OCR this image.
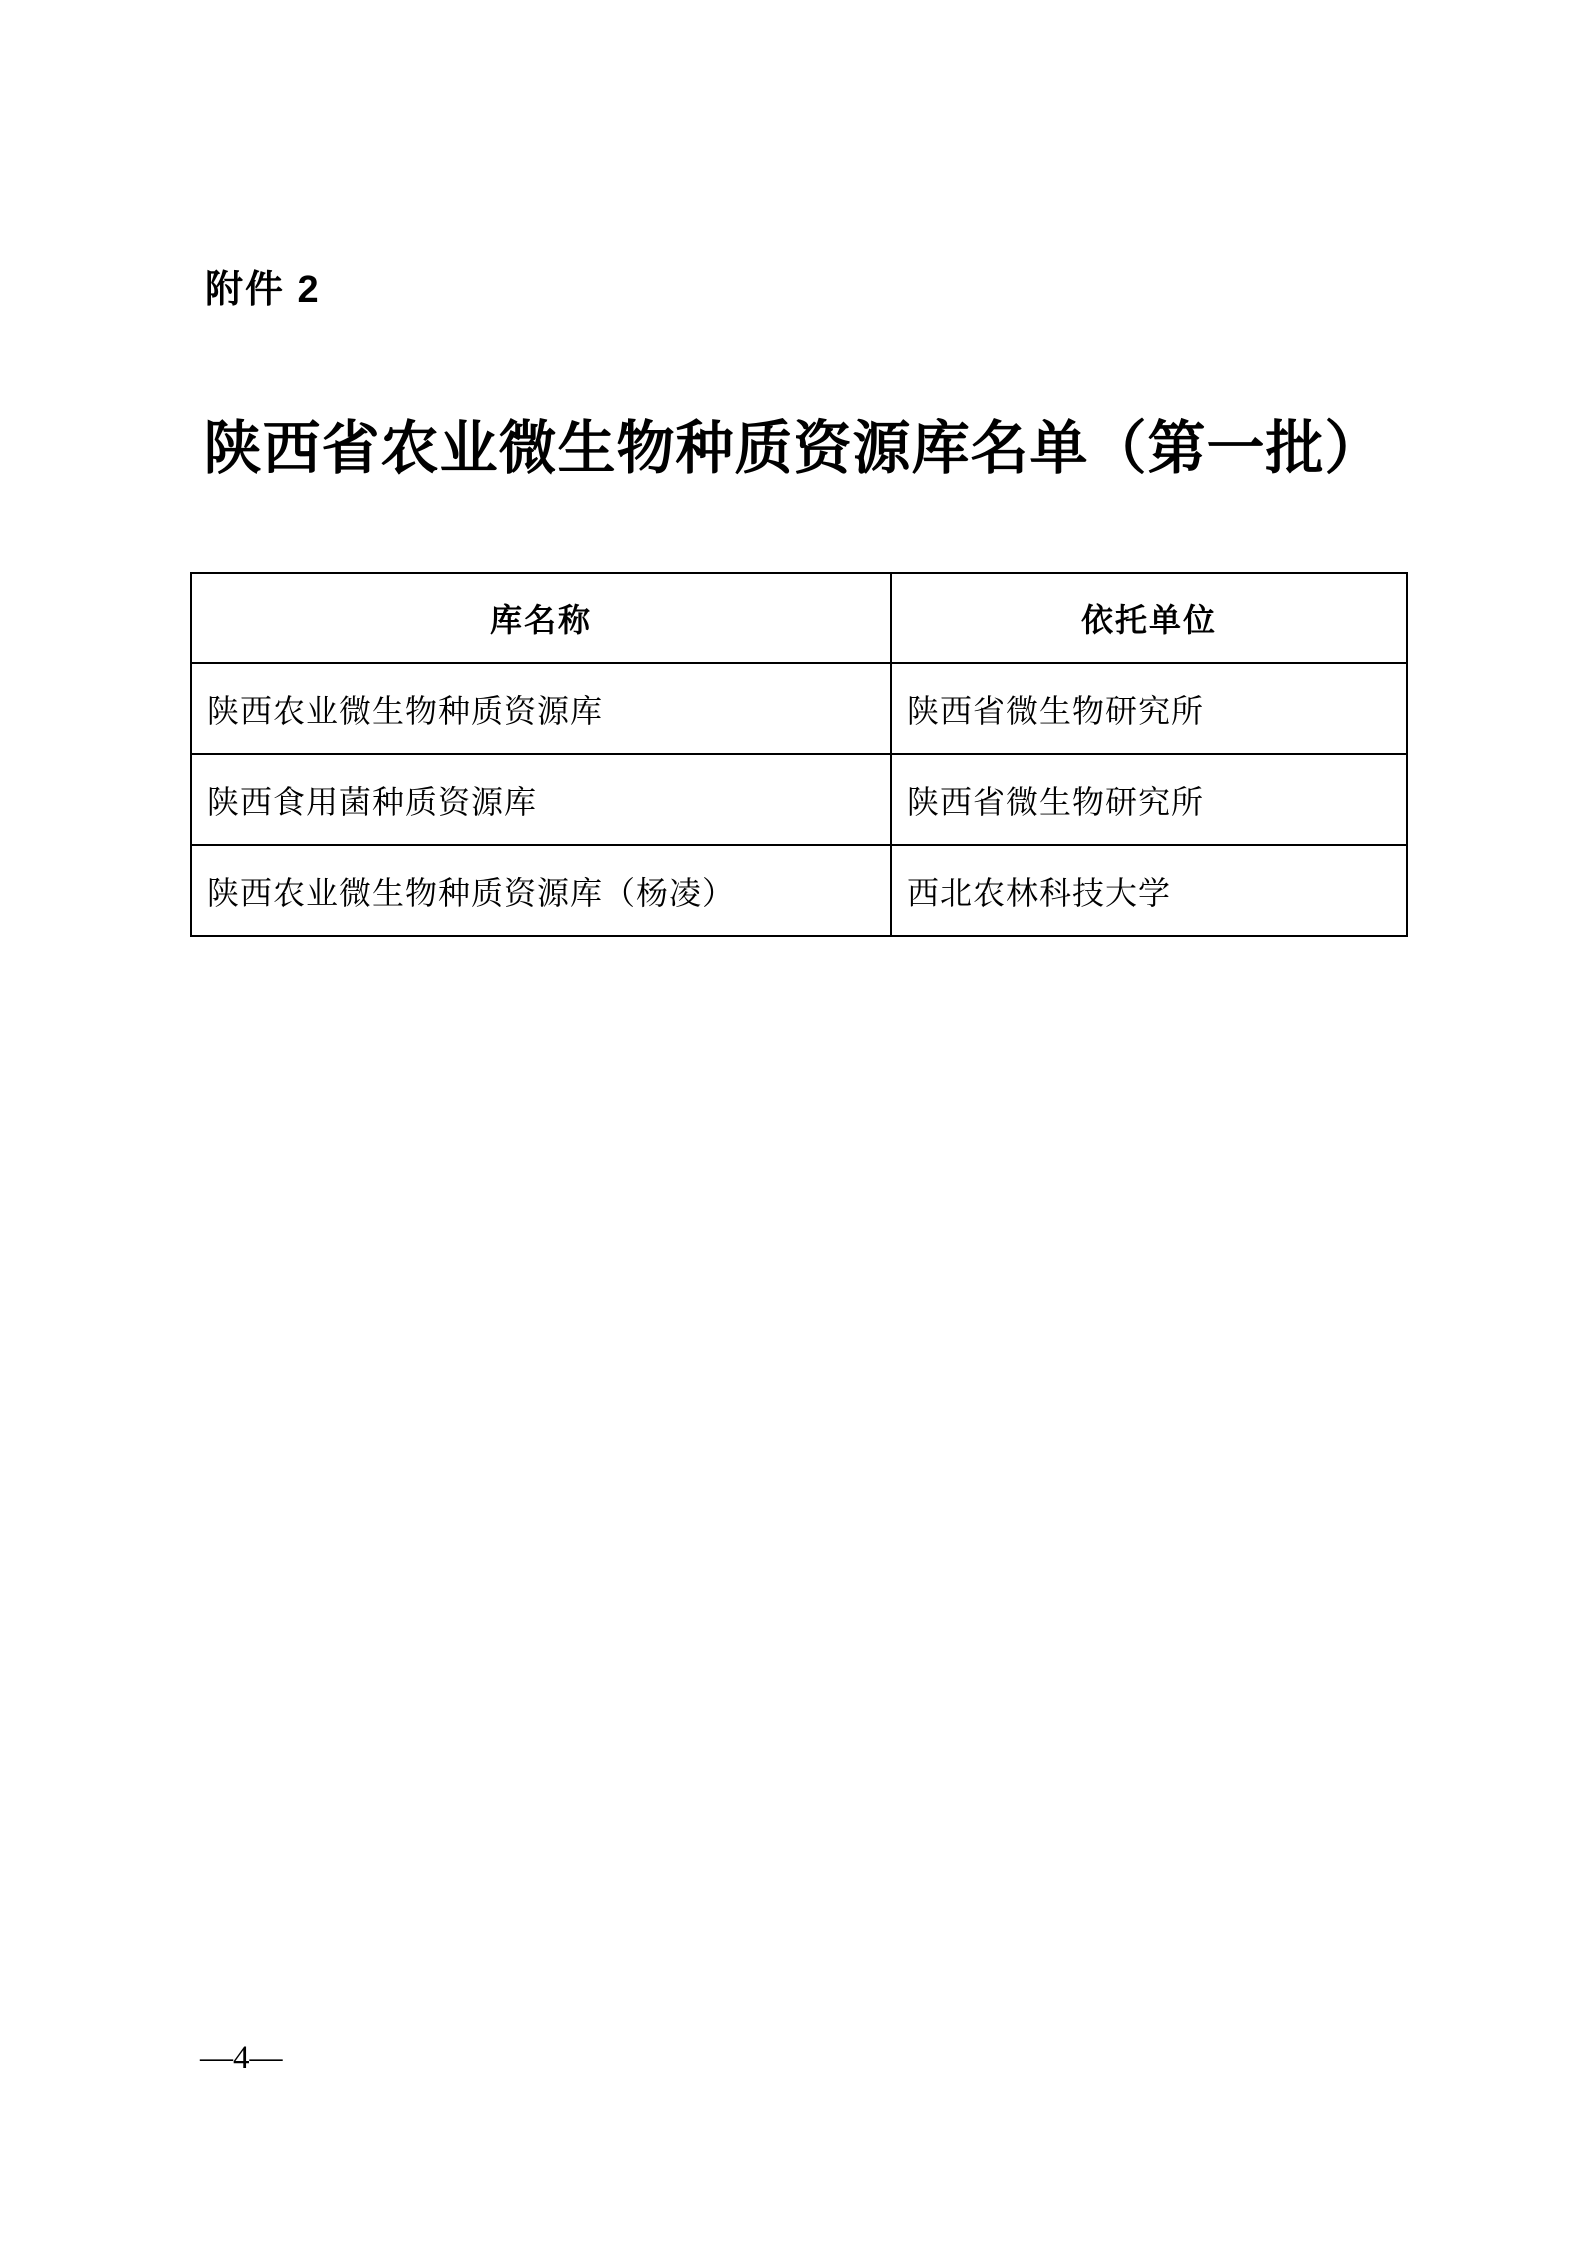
附件 2
陕西省农业微生物种质资源库名单（第一批）
库名称	依托单位
陕西农业微生物种质资源库	陕西省微生物研究所
陕西食用菌种质资源库	陕西省微生物研究所
陕西农业微生物种质资源库（杨凌）	西北农林科技大学
—4—
